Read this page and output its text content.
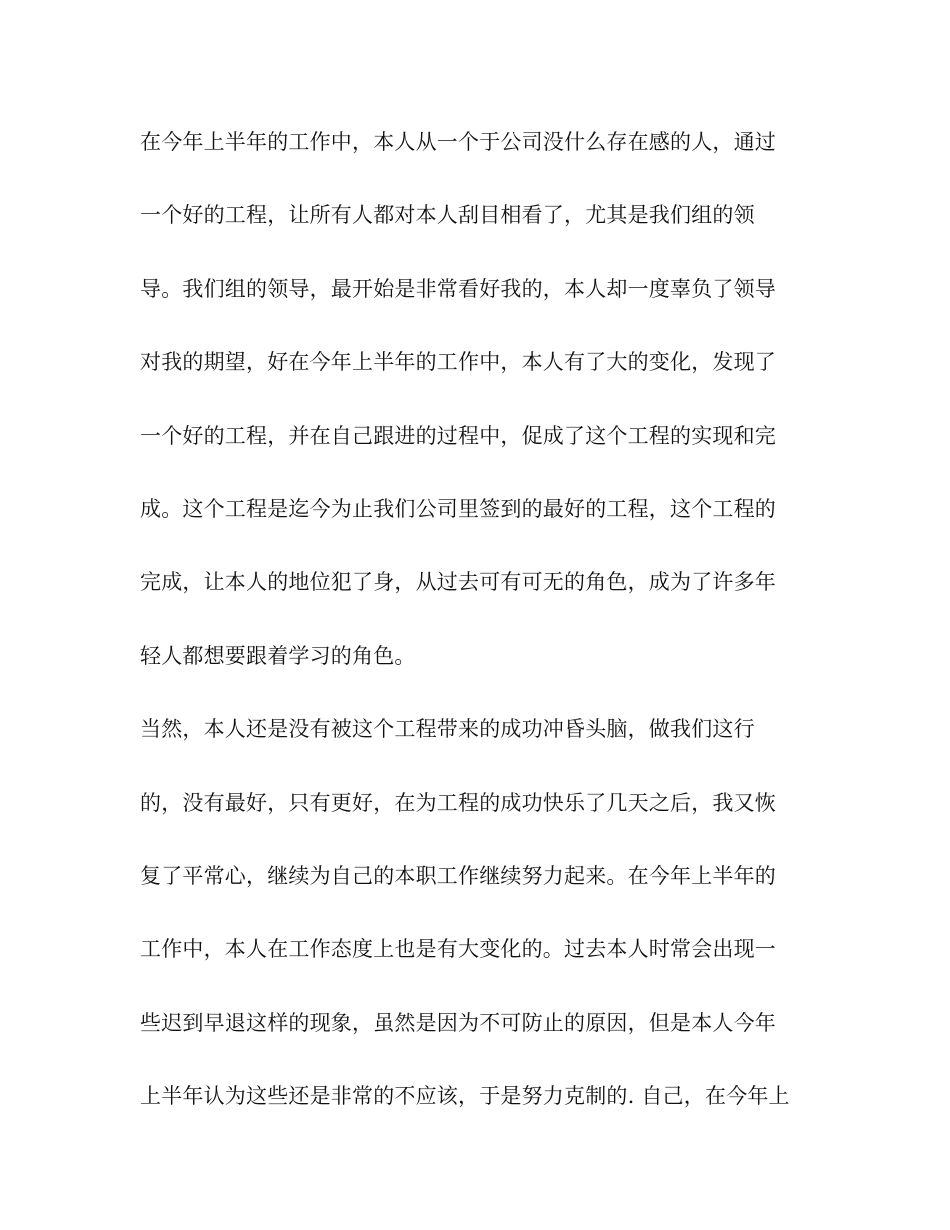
在今年上半年的工作中，本人从一个于公司没什么存在感的人，通过
一个好的工程，让所有人都对本人刮目相看了，尤其是我们组的领
导。我们组的领导，最开始是非常看好我的，本人却一度辜负了领导
对我的期望，好在今年上半年的工作中，本人有了大的变化，发现了
一个好的工程，并在自己跟进的过程中，促成了这个工程的实现和完
成。这个工程是迄今为止我们公司里签到的最好的工程，这个工程的
完成，让本人的地位犯了身，从过去可有可无的角色，成为了许多年
轻人都想要跟着学习的角色。
当然，本人还是没有被这个工程带来的成功冲昏头脑，做我们这行
的，没有最好，只有更好，在为工程的成功快乐了几天之后，我又恢
复了平常心，继续为自己的本职工作继续努力起来。在今年上半年的
工作中，本人在工作态度上也是有大变化的。过去本人时常会出现一
些迟到早退这样的现象，虽然是因为不可防止的原因，但是本人今年
上半年认为这些还是非常的不应该，于是努力克制的. 自己，在今年上
